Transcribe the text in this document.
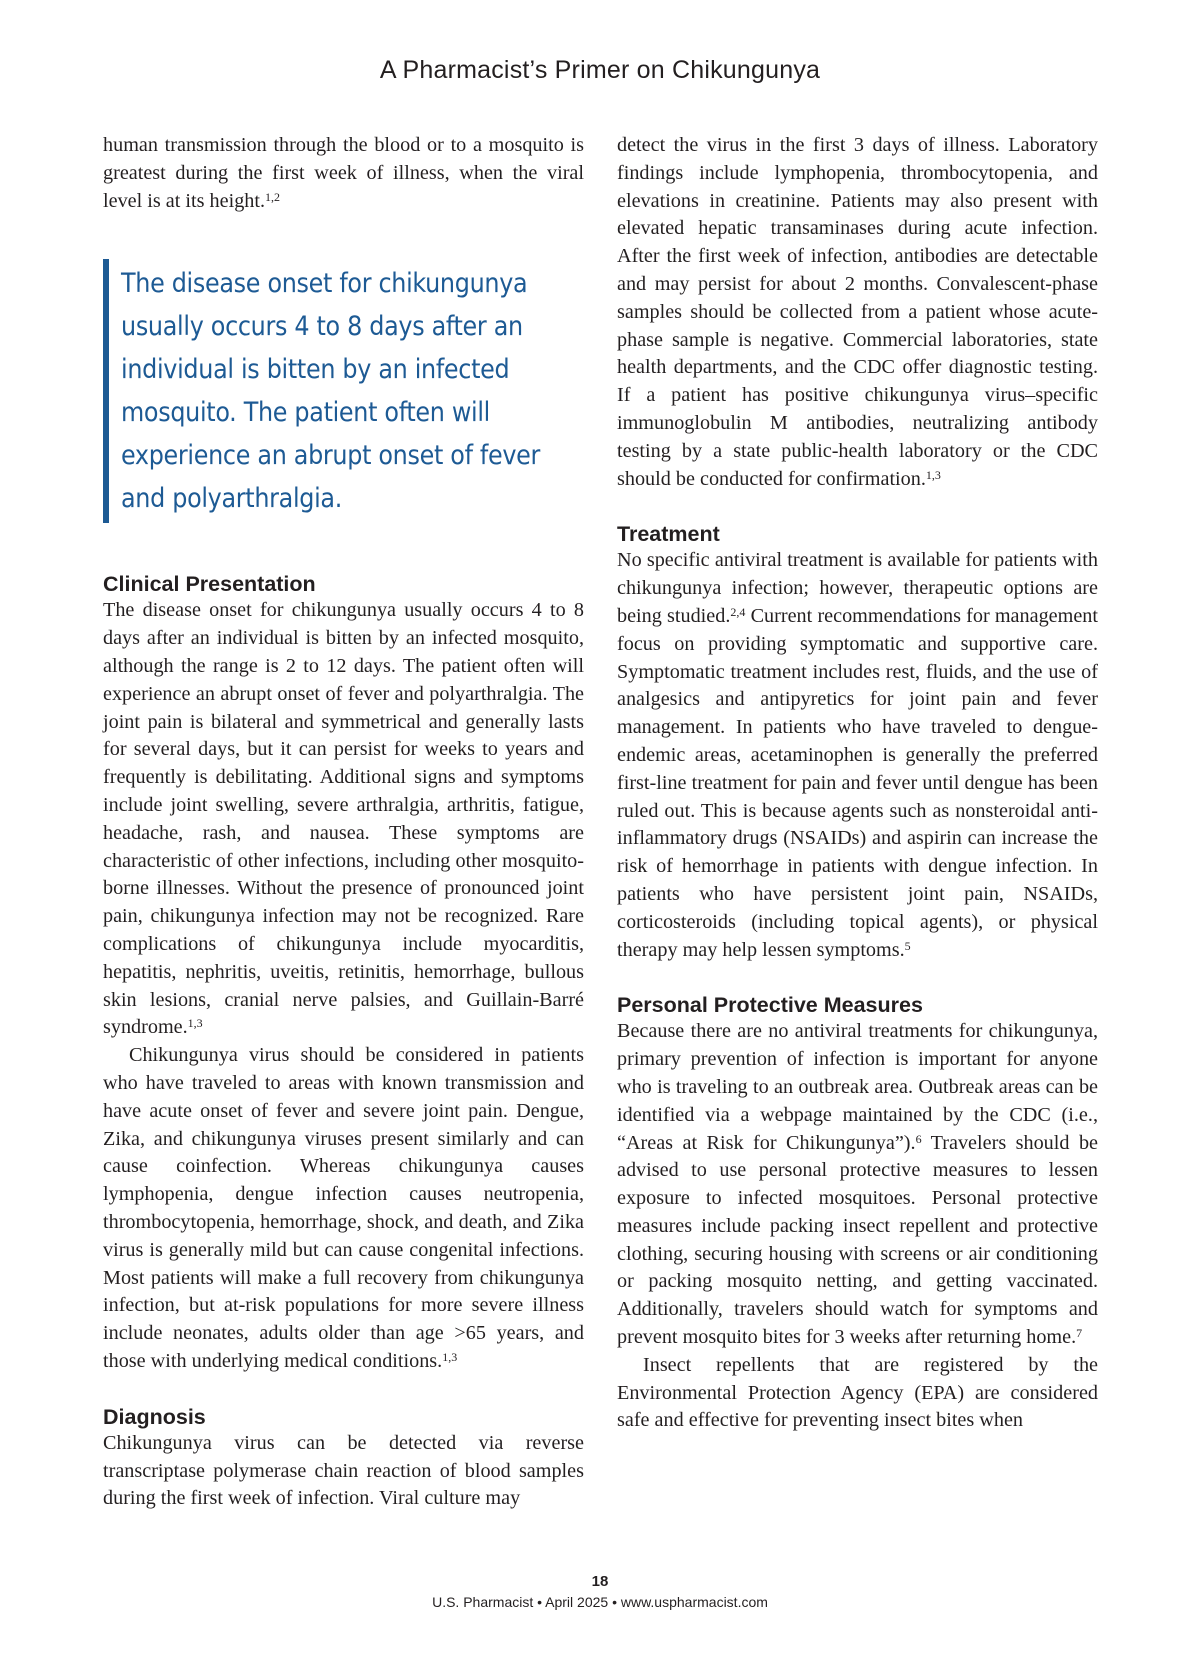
A Pharmacist’s Primer on Chikungunya

human transmission through the blood or to a mosquito is greatest during the first week of illness, when the viral level is at its height.$^{1,2}$

The disease onset for chikungunya usually occurs 4 to 8 days after an individual is bitten by an infected mosquito. The patient often will experience an abrupt onset of fever and polyarthralgia.
Clinical Presentation

The disease onset for chikungunya usually occurs 4 to 8 days after an individual is bitten by an infected mosquito, although the range is 2 to 12 days. The patient often will experience an abrupt onset of fever and polyarthralgia. The joint pain is bilateral and symmetrical and generally lasts for several days, but it can persist for weeks to years and frequently is debilitating. Additional signs and symptoms include joint swelling, severe arthralgia, arthritis, fatigue, headache, rash, and nausea. These symptoms are characteristic of other infections, including other mosquito-borne illnesses. Without the presence of pronounced joint pain, chikungunya infection may not be recognized. Rare complications of chikungunya include myocarditis, hepatitis, nephritis, uveitis, retinitis, hemorrhage, bullous skin lesions, cranial nerve palsies, and Guillain-Barré syndrome.$^{1,3}$

Chikungunya virus should be considered in patients who have traveled to areas with known transmission and have acute onset of fever and severe joint pain. Dengue, Zika, and chikungunya viruses present similarly and can cause coinfection. Whereas chikungunya causes lymphopenia, dengue infection causes neutropenia, thrombocytopenia, hemorrhage, shock, and death, and Zika virus is generally mild but can cause congenital infections. Most patients will make a full recovery from chikungunya infection, but at-risk populations for more severe illness include neonates, adults older than age >65 years, and those with underlying medical conditions.$^{1,3}$

Diagnosis

Chikungunya virus can be detected via reverse transcriptase polymerase chain reaction of blood samples during the first week of infection. Viral culture may

detect the virus in the first 3 days of illness. Laboratory findings include lymphopenia, thrombocytopenia, and elevations in creatinine. Patients may also present with elevated hepatic transaminases during acute infection. After the first week of infection, antibodies are detectable and may persist for about 2 months. Convalescent-phase samples should be collected from a patient whose acute-phase sample is negative. Commercial laboratories, state health departments, and the CDC offer diagnostic testing. If a patient has positive chikungunya virus–specific immunoglobulin M antibodies, neutralizing antibody testing by a state public-health laboratory or the CDC should be conducted for confirmation.$^{1,3}$

Treatment

No specific antiviral treatment is available for patients with chikungunya infection; however, therapeutic options are being studied.$^{2,4}$ Current recommendations for management focus on providing symptomatic and supportive care. Symptomatic treatment includes rest, fluids, and the use of analgesics and antipyretics for joint pain and fever management. In patients who have traveled to dengue-endemic areas, acetaminophen is generally the preferred first-line treatment for pain and fever until dengue has been ruled out. This is because agents such as nonsteroidal anti-inflammatory drugs (NSAIDs) and aspirin can increase the risk of hemorrhage in patients with dengue infection. In patients who have persistent joint pain, NSAIDs, corticosteroids (including topical agents), or physical therapy may help lessen symptoms.$^5$

Personal Protective Measures

Because there are no antiviral treatments for chikungunya, primary prevention of infection is important for anyone who is traveling to an outbreak area. Outbreak areas can be identified via a webpage maintained by the CDC (i.e., “Areas at Risk for Chikungunya”).$^6$ Travelers should be advised to use personal protective measures to lessen exposure to infected mosquitoes. Personal protective measures include packing insect repellent and protective clothing, securing housing with screens or air conditioning or packing mosquito netting, and getting vaccinated. Additionally, travelers should watch for symptoms and prevent mosquito bites for 3 weeks after returning home.$^7$

Insect repellents that are registered by the Environmental Protection Agency (EPA) are considered safe and effective for preventing insect bites when

18
U.S. Pharmacist • April 2025 • www.uspharmacist.com
